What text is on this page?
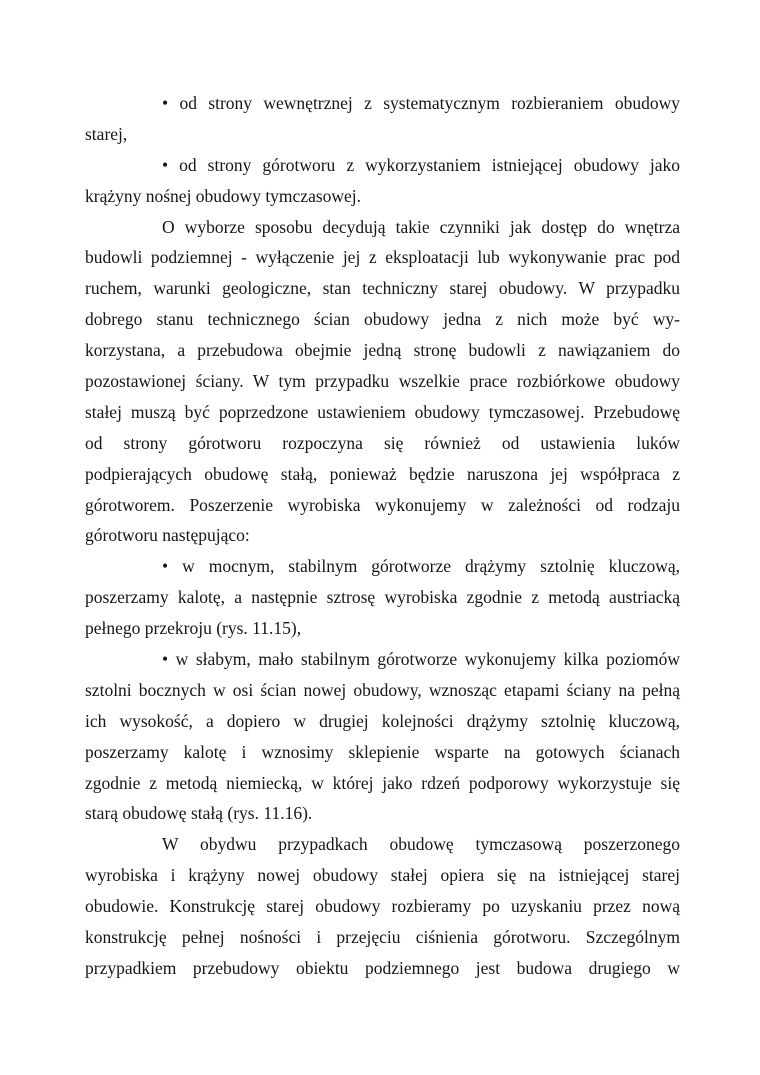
• od strony wewnętrznej z systematycznym rozbieraniem obudowy
starej,
• od strony górotworu z wykorzystaniem istniejącej obudowy jako
krążyny nośnej obudowy tymczasowej.
O wyborze sposobu decydują takie czynniki jak dostęp do wnętrza
budowli podziemnej - wyłączenie jej z eksploatacji lub wykonywanie prac pod
ruchem, warunki geologiczne, stan techniczny starej obudowy. W przypadku
dobrego stanu technicznego ścian obudowy jedna z nich może być wy-
korzystana, a przebudowa obejmie jedną stronę budowli z nawiązaniem do
pozostawionej ściany. W tym przypadku wszelkie prace rozbiórkowe obudowy
stałej muszą być poprzedzone ustawieniem obudowy tymczasowej. Przebudowę
od strony górotworu rozpoczyna się również od ustawienia luków
podpierających obudowę stałą, ponieważ będzie naruszona jej współpraca z
górotworem. Poszerzenie wyrobiska wykonujemy w zależności od rodzaju
górotworu następująco:
• w mocnym, stabilnym górotworze drążymy sztolnię kluczową,
poszerzamy kalotę, a następnie sztrosę wyrobiska zgodnie z metodą austriacką
pełnego przekroju (rys. 11.15),
• w słabym, mało stabilnym górotworze wykonujemy kilka poziomów
sztolni bocznych w osi ścian nowej obudowy, wznosząc etapami ściany na pełną
ich wysokość, a dopiero w drugiej kolejności drążymy sztolnię kluczową,
poszerzamy kalotę i wznosimy sklepienie wsparte na gotowych ścianach
zgodnie z metodą niemiecką, w której jako rdzeń podporowy wykorzystuje się
starą obudowę stałą (rys. 11.16).
W obydwu przypadkach obudowę tymczasową poszerzonego
wyrobiska i krążyny nowej obudowy stałej opiera się na istniejącej starej
obudowie. Konstrukcję starej obudowy rozbieramy po uzyskaniu przez nową
konstrukcję pełnej nośności i przejęciu ciśnienia górotworu. Szczególnym
przypadkiem przebudowy obiektu podziemnego jest budowa drugiego w
